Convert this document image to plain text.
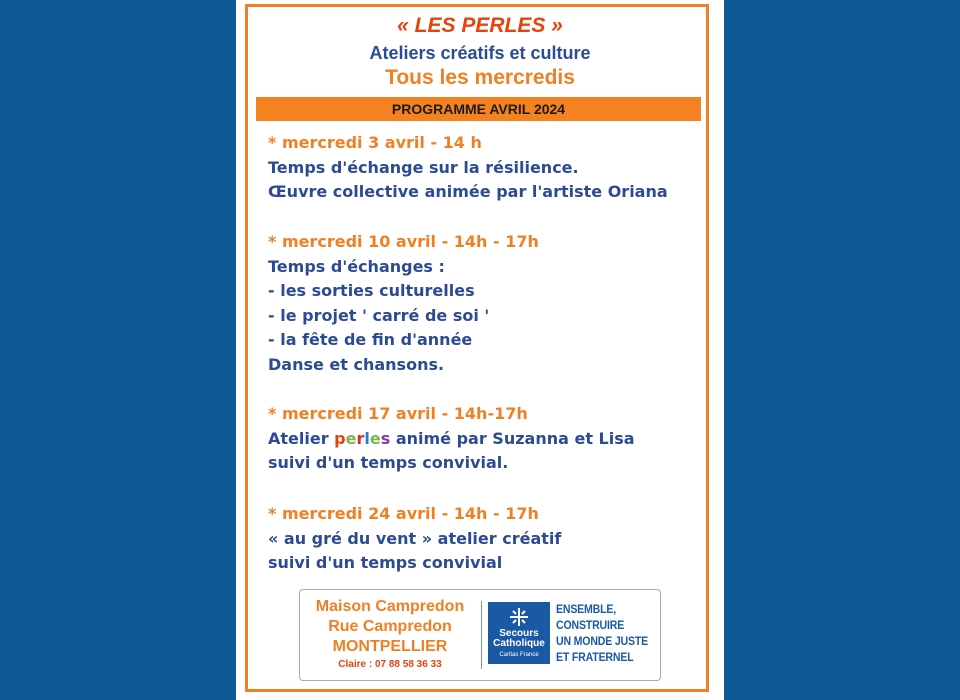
« LES PERLES »
Ateliers créatifs et culture
Tous les mercredis
PROGRAMME AVRIL 2024
* mercredi 3 avril - 14 h
Temps d'échange sur la résilience.
Œuvre collective animée par l'artiste Oriana
* mercredi 10 avril - 14h - 17h
Temps d'échanges :
- les sorties culturelles
- le projet ' carré de soi '
- la fête de fin d'année
Danse et chansons.
* mercredi 17 avril - 14h-17h
Atelier perles animé par Suzanna et Lisa
suivi d'un temps convivial.
* mercredi 24 avril - 14h - 17h
« au gré du vent » atelier créatif
suivi d'un temps convivial
Maison Campredon
Rue Campredon
MONTPELLIER
Claire : 07 88 58 36 33
Secours
Catholique
Caritas France
ENSEMBLE,
CONSTRUIRE
UN MONDE JUSTE
ET FRATERNEL
